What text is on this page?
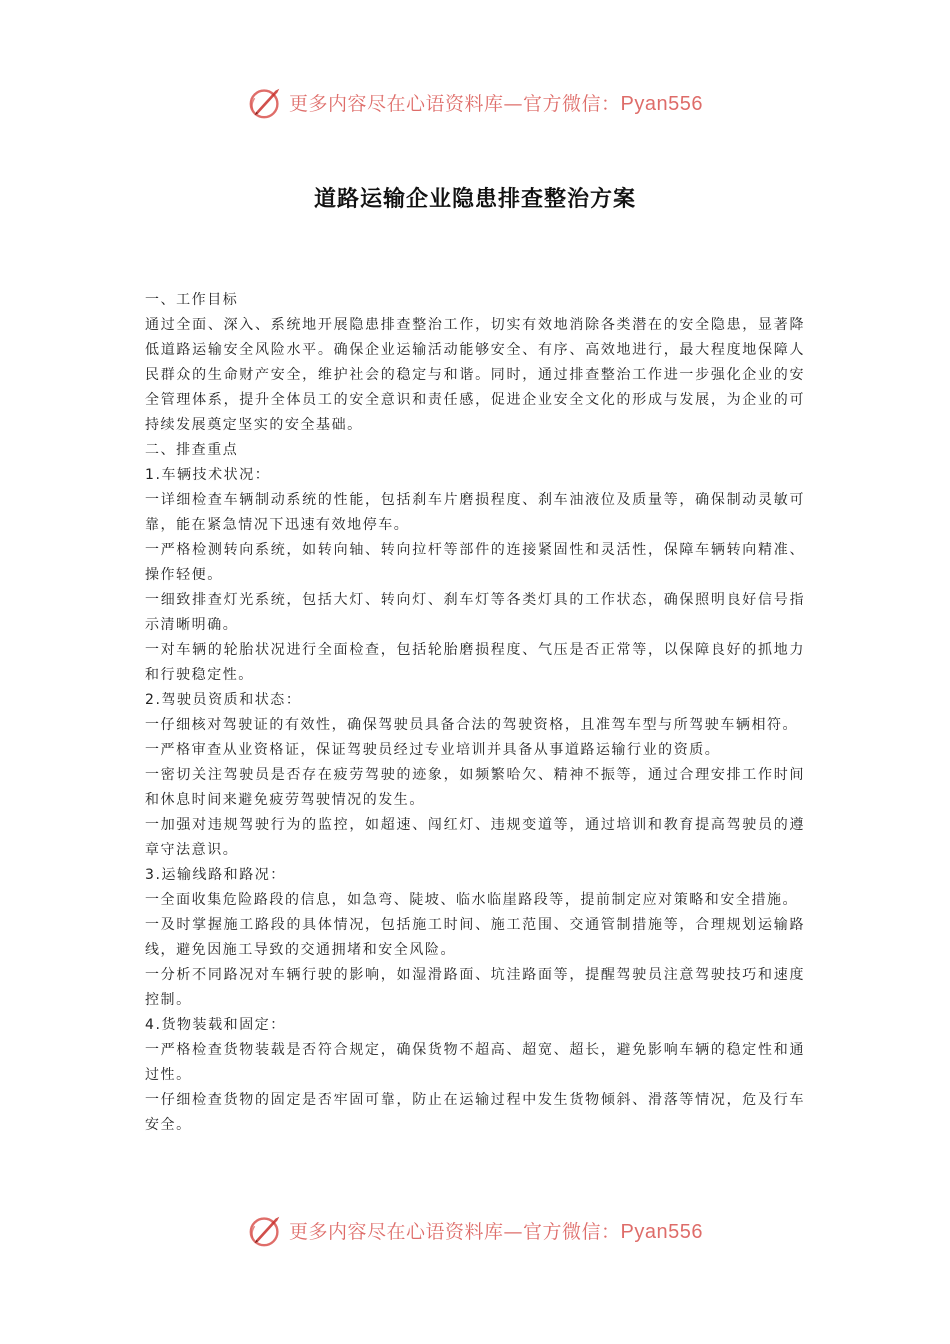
更多内容尽在心语资料库—官方微信：Pyan556
道路运输企业隐患排查整治方案

一、工作目标

通过全面、深入、系统地开展隐患排查整治工作，切实有效地消除各类潜在的安全隐患，显著降低道路运输安全风险水平。确保企业运输活动能够安全、有序、高效地进行，最大程度地保障人民群众的生命财产安全，维护社会的稳定与和谐。同时，通过排查整治工作进一步强化企业的安全管理体系，提升全体员工的安全意识和责任感，促进企业安全文化的形成与发展，为企业的可持续发展奠定坚实的安全基础。

二、排查重点

1.车辆技术状况：

一详细检查车辆制动系统的性能，包括刹车片磨损程度、刹车油液位及质量等，确保制动灵敏可靠，能在紧急情况下迅速有效地停车。

一严格检测转向系统，如转向轴、转向拉杆等部件的连接紧固性和灵活性，保障车辆转向精准、操作轻便。

一细致排查灯光系统，包括大灯、转向灯、刹车灯等各类灯具的工作状态，确保照明良好信号指示清晰明确。

一对车辆的轮胎状况进行全面检查，包括轮胎磨损程度、气压是否正常等，以保障良好的抓地力和行驶稳定性。

2.驾驶员资质和状态：

一仔细核对驾驶证的有效性，确保驾驶员具备合法的驾驶资格，且准驾车型与所驾驶车辆相符。

一严格审查从业资格证，保证驾驶员经过专业培训并具备从事道路运输行业的资质。

一密切关注驾驶员是否存在疲劳驾驶的迹象，如频繁哈欠、精神不振等，通过合理安排工作时间和休息时间来避免疲劳驾驶情况的发生。

一加强对违规驾驶行为的监控，如超速、闯红灯、违规变道等，通过培训和教育提高驾驶员的遵章守法意识。

3.运输线路和路况：

一全面收集危险路段的信息，如急弯、陡坡、临水临崖路段等，提前制定应对策略和安全措施。

一及时掌握施工路段的具体情况，包括施工时间、施工范围、交通管制措施等，合理规划运输路线，避免因施工导致的交通拥堵和安全风险。

一分析不同路况对车辆行驶的影响，如湿滑路面、坑洼路面等，提醒驾驶员注意驾驶技巧和速度控制。

4.货物装载和固定：

一严格检查货物装载是否符合规定，确保货物不超高、超宽、超长，避免影响车辆的稳定性和通过性。

一仔细检查货物的固定是否牢固可靠，防止在运输过程中发生货物倾斜、滑落等情况，危及行车安全。

更多内容尽在心语资料库—官方微信：Pyan556
